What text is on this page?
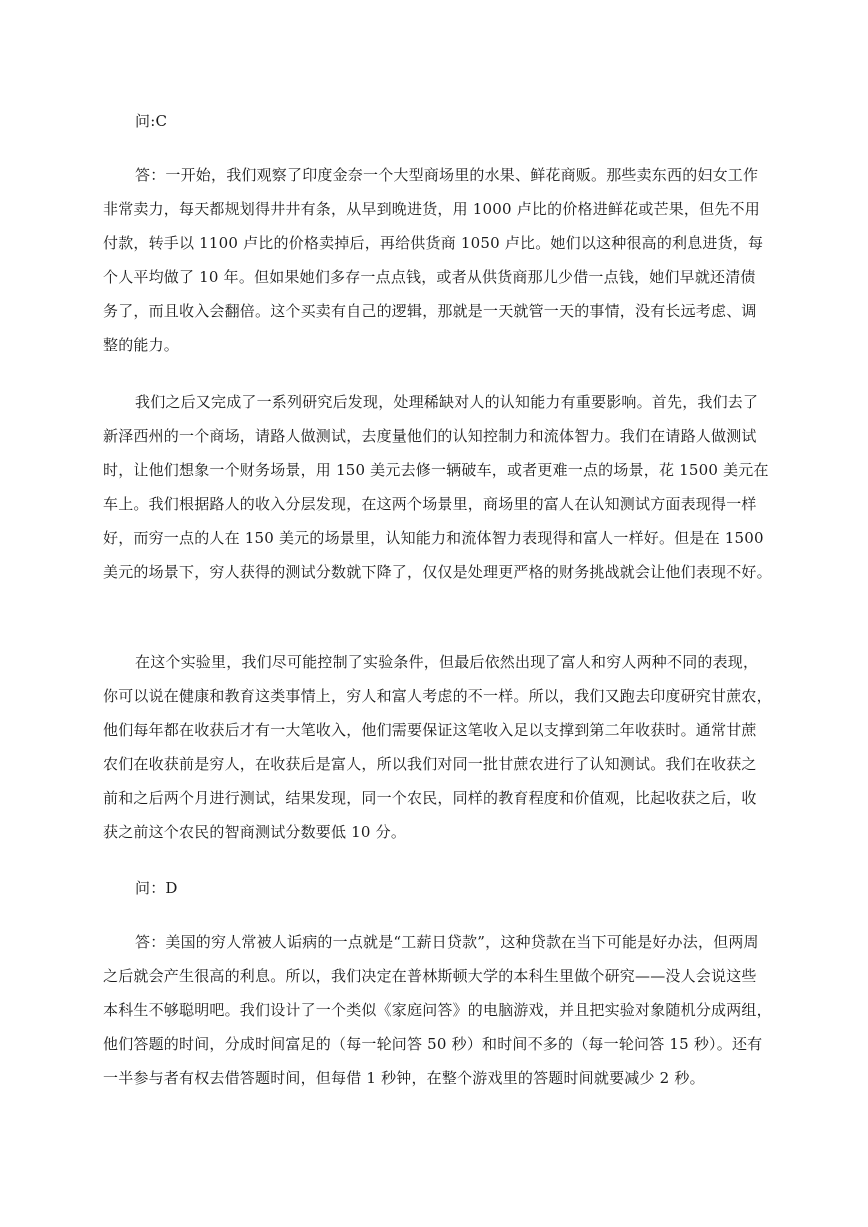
问:C
答：一开始，我们观察了印度金奈一个大型商场里的水果、鲜花商贩。那些卖东西的妇女工作
非常卖力，每天都规划得井井有条，从早到晚进货，用 1000 卢比的价格进鲜花或芒果，但先不用
付款，转手以 1100 卢比的价格卖掉后，再给供货商 1050 卢比。她们以这种很高的利息进货，每
个人平均做了 10 年。但如果她们多存一点点钱，或者从供货商那儿少借一点钱，她们早就还清债
务了，而且收入会翻倍。这个买卖有自己的逻辑，那就是一天就管一天的事情，没有长远考虑、调
整的能力。
我们之后又完成了一系列研究后发现，处理稀缺对人的认知能力有重要影响。首先，我们去了
新泽西州的一个商场，请路人做测试，去度量他们的认知控制力和流体智力。我们在请路人做测试
时，让他们想象一个财务场景，用 150 美元去修一辆破车，或者更难一点的场景，花 1500 美元在
车上。我们根据路人的收入分层发现，在这两个场景里，商场里的富人在认知测试方面表现得一样
好，而穷一点的人在 150 美元的场景里，认知能力和流体智力表现得和富人一样好。但是在 1500
美元的场景下，穷人获得的测试分数就下降了，仅仅是处理更严格的财务挑战就会让他们表现不好。
在这个实验里，我们尽可能控制了实验条件，但最后依然出现了富人和穷人两种不同的表现，
你可以说在健康和教育这类事情上，穷人和富人考虑的不一样。所以，我们又跑去印度研究甘蔗农，
他们每年都在收获后才有一大笔收入，他们需要保证这笔收入足以支撑到第二年收获时。通常甘蔗
农们在收获前是穷人，在收获后是富人，所以我们对同一批甘蔗农进行了认知测试。我们在收获之
前和之后两个月进行测试，结果发现，同一个农民，同样的教育程度和价值观，比起收获之后，收
获之前这个农民的智商测试分数要低 10 分。
问：D
答：美国的穷人常被人诟病的一点就是“工薪日贷款”，这种贷款在当下可能是好办法，但两周
之后就会产生很高的利息。所以，我们决定在普林斯顿大学的本科生里做个研究——没人会说这些
本科生不够聪明吧。我们设计了一个类似《家庭问答》的电脑游戏，并且把实验对象随机分成两组，
他们答题的时间，分成时间富足的（每一轮问答 50 秒）和时间不多的（每一轮问答 15 秒）。还有
一半参与者有权去借答题时间，但每借 1 秒钟，在整个游戏里的答题时间就要减少 2 秒。
